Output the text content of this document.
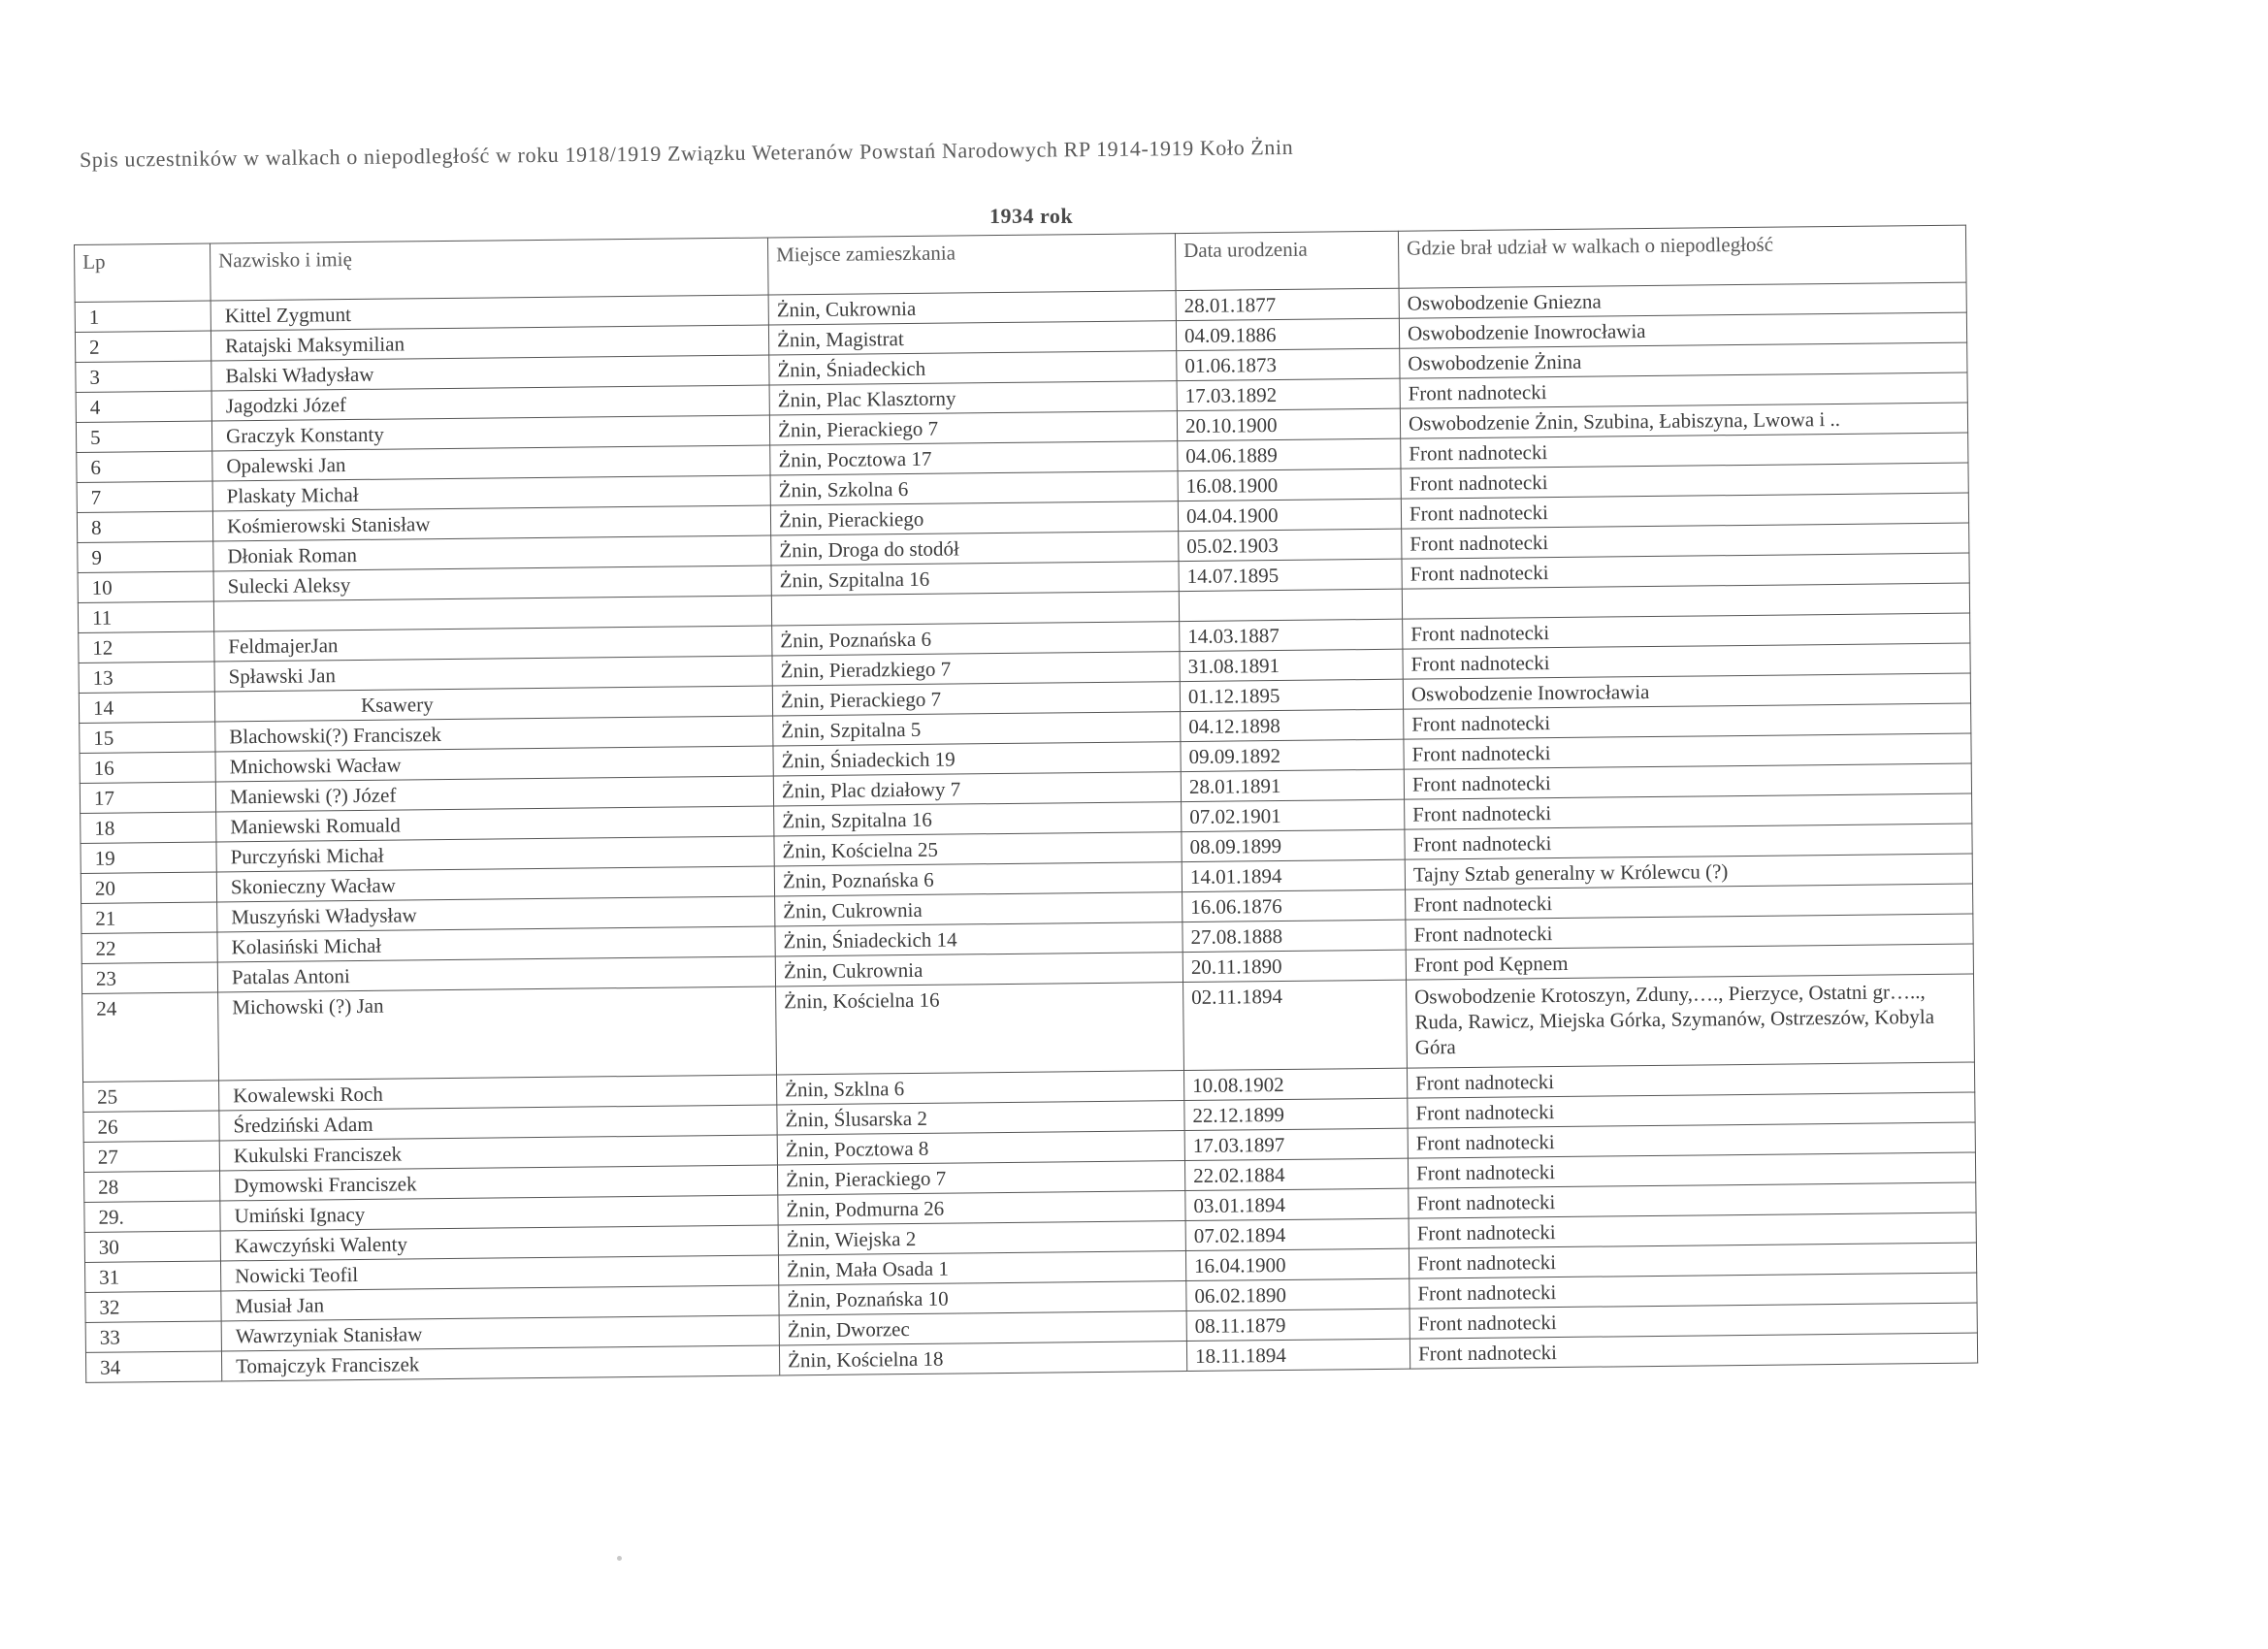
Spis uczestników w walkach o niepodległość w roku 1918/1919 Związku Weteranów Powstań Narodowych RP 1914-1919 Koło Żnin
1934 rok
Lp	Nazwisko i imię	Miejsce zamieszkania	Data urodzenia	Gdzie brał udział w walkach o niepodległość
1	Kittel Zygmunt	Żnin, Cukrownia	28.01.1877	Oswobodzenie Gniezna
2	Ratajski Maksymilian	Żnin, Magistrat	04.09.1886	Oswobodzenie Inowrocławia
3	Balski Władysław	Żnin, Śniadeckich	01.06.1873	Oswobodzenie Żnina
4	Jagodzki Józef	Żnin, Plac Klasztorny	17.03.1892	Front nadnotecki
5	Graczyk Konstanty	Żnin, Pierackiego 7	20.10.1900	Oswobodzenie Żnin, Szubina, Łabiszyna, Lwowa i ..
6	Opalewski Jan	Żnin, Pocztowa 17	04.06.1889	Front nadnotecki
7	Plaskaty Michał	Żnin, Szkolna 6	16.08.1900	Front nadnotecki
8	Kośmierowski Stanisław	Żnin, Pierackiego	04.04.1900	Front nadnotecki
9	Dłoniak Roman	Żnin, Droga do stodół	05.02.1903	Front nadnotecki
10	Sulecki Aleksy	Żnin, Szpitalna 16	14.07.1895	Front nadnotecki
11				
12	FeldmajerJan	Żnin, Poznańska 6	14.03.1887	Front nadnotecki
13	Spławski Jan	Żnin, Pieradzkiego 7	31.08.1891	Front nadnotecki
14	Ksawery	Żnin, Pierackiego 7	01.12.1895	Oswobodzenie Inowrocławia
15	Blachowski(?) Franciszek	Żnin, Szpitalna 5	04.12.1898	Front nadnotecki
16	Mnichowski Wacław	Żnin, Śniadeckich 19	09.09.1892	Front nadnotecki
17	Maniewski (?) Józef	Żnin, Plac działowy 7	28.01.1891	Front nadnotecki
18	Maniewski Romuald	Żnin, Szpitalna 16	07.02.1901	Front nadnotecki
19	Purczyński Michał	Żnin, Kościelna 25	08.09.1899	Front nadnotecki
20	Skonieczny Wacław	Żnin, Poznańska 6	14.01.1894	Tajny Sztab generalny w Królewcu (?)
21	Muszyński Władysław	Żnin, Cukrownia	16.06.1876	Front nadnotecki
22	Kolasiński Michał	Żnin, Śniadeckich 14	27.08.1888	Front nadnotecki
23	Patalas Antoni	Żnin, Cukrownia	20.11.1890	Front pod Kępnem
24	Michowski (?) Jan	Żnin, Kościelna 16	02.11.1894	Oswobodzenie Krotoszyn, Zduny,…., Pierzyce, Ostatni gr….., Ruda, Rawicz, Miejska Górka, Szymanów, Ostrzeszów, Kobyla Góra
25	Kowalewski Roch	Żnin, Szklna 6	10.08.1902	Front nadnotecki
26	Średziński Adam	Żnin, Ślusarska 2	22.12.1899	Front nadnotecki
27	Kukulski Franciszek	Żnin, Pocztowa 8	17.03.1897	Front nadnotecki
28	Dymowski Franciszek	Żnin, Pierackiego 7	22.02.1884	Front nadnotecki
29.	Umiński Ignacy	Żnin, Podmurna 26	03.01.1894	Front nadnotecki
30	Kawczyński Walenty	Żnin, Wiejska 2	07.02.1894	Front nadnotecki
31	Nowicki Teofil	Żnin, Mała Osada 1	16.04.1900	Front nadnotecki
32	Musiał Jan	Żnin, Poznańska 10	06.02.1890	Front nadnotecki
33	Wawrzyniak Stanisław	Żnin, Dworzec	08.11.1879	Front nadnotecki
34	Tomajczyk Franciszek	Żnin, Kościelna 18	18.11.1894	Front nadnotecki
